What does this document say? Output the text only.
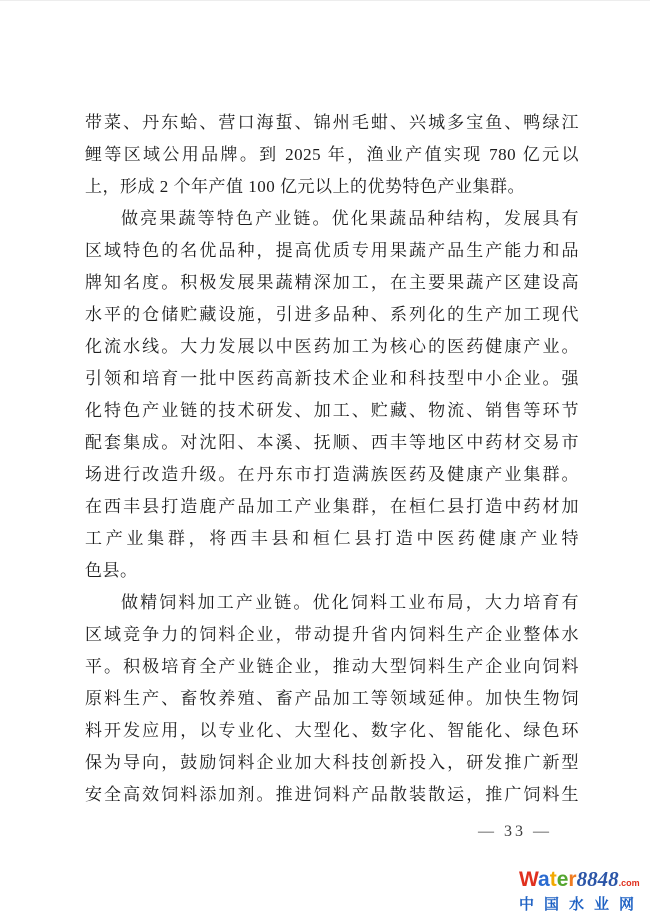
带菜、丹东蛤、营口海蜇、锦州毛蚶、兴城多宝鱼、鸭绿江
鲤等区域公用品牌。到 2025 年，渔业产值实现 780 亿元以
上，形成 2 个年产值 100 亿元以上的优势特色产业集群。
做亮果蔬等特色产业链。优化果蔬品种结构，发展具有
区域特色的名优品种，提高优质专用果蔬产品生产能力和品
牌知名度。积极发展果蔬精深加工，在主要果蔬产区建设高
水平的仓储贮藏设施，引进多品种、系列化的生产加工现代
化流水线。大力发展以中医药加工为核心的医药健康产业。
引领和培育一批中医药高新技术企业和科技型中小企业。强
化特色产业链的技术研发、加工、贮藏、物流、销售等环节
配套集成。对沈阳、本溪、抚顺、西丰等地区中药材交易市
场进行改造升级。在丹东市打造满族医药及健康产业集群。
在西丰县打造鹿产品加工产业集群，在桓仁县打造中药材加
工产业集群，将西丰县和桓仁县打造中医药健康产业特
色县。
做精饲料加工产业链。优化饲料工业布局，大力培育有
区域竞争力的饲料企业，带动提升省内饲料生产企业整体水
平。积极培育全产业链企业，推动大型饲料生产企业向饲料
原料生产、畜牧养殖、畜产品加工等领域延伸。加快生物饲
料开发应用，以专业化、大型化、数字化、智能化、绿色环
保为导向，鼓励饲料企业加大科技创新投入，研发推广新型
安全高效饲料添加剂。推进饲料产品散装散运，推广饲料生
— 33 —
Water8848.com
中国水业网
